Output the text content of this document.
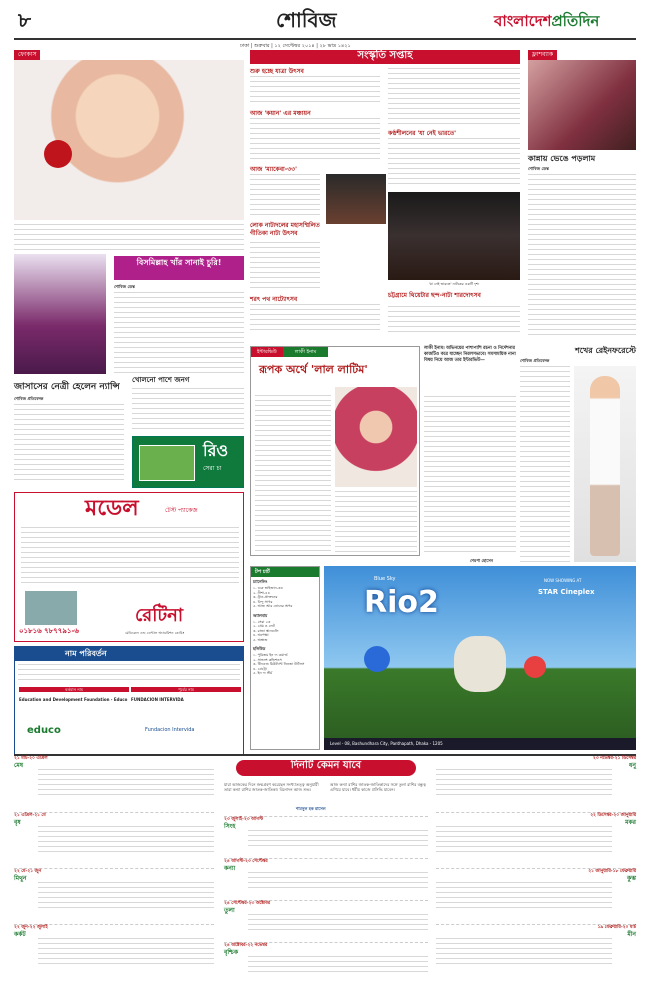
৮	শোবিজ	বাংলাদেশপ্রতিদিন
ঢাকা | শুক্রবার | ১২ সেপ্টেম্বর ২০১৪ | ২৮ ভাদ্র ১৪২১
ফোকাস
বিসমিল্লাহ খাঁর সানাই চুরি!
শোবিজ ডেস্ক
জাসাসের নেত্রী হেলেন ন্যান্সি
শোবিজ প্রতিবেদক
খোলনো পাশে জনগ
রিও
সেরা চা
মডেল	টেস্ট প্যাকেজ
০১৮১৬ ৭৮৭৭৯১-৬
রেটিনা
মেডিকেল এন্ড ডেন্টাল অ্যাডমিশন কোচিং
নাম পরিবর্তন
বর্তমান নাম	পূর্বের নাম
Education and Development Foundation - Educo FUNDACION INTERVIDA
educo	Fundacion Intervida
সংস্কৃতি সপ্তাহ
শুরু হচ্ছে যাত্রা উৎসব
আজ 'কয়ান' এর মঞ্চায়ন
আজ 'ম্যাকেবা-৩৩'
লোক নাট্যদলের মহাসম্মিলিত গীতিকা নাট্য উৎসব
শরৎ পথ নাট্যোৎসব
কণ্ঠশীলনের 'যা নেই ভারতে'
'যা নেই ভারতে' নাটকের একটি দৃশ্য
চট্টগ্রামে থিয়েটার ছন্দ-নাট্য শারদোৎসব
ফ্লাশব্যাক
কান্নায় ভেঙে পড়লাম
শোবিজ ডেস্ক
ইন্টারভিউ	লাকী ইনাম
রূপক অর্থে 'লাল লাটিম'
লাকী ইনাম। অভিনয়ের পাশাপাশি রচনা ও নির্দেশনার কাজটিও করে যাচ্ছেন নিরলসভাবে। সমসাময়িক নানা বিষয় নিয়ে আজ তার ইন্টারভিউ—
শেরপা হোসেন
শখের রেইনফরেস্টে
শোবিজ প্রতিবেদক
টপ চার্ট
চ্যানেলিং
১. গুরু ভাইজান-৩৩
২. নীশা-৪৪
৩. ট্রান-প্রাক্তনের
৪. বিন্দু সাগর
৫. আজ আর নোনের অপর
অ্যালবাম
১. সেরা ২৩
২. প্রেম ও লেট
৩. রাজা স্থানগুলি
৪. অপেক্ষা
৫. অশ্রুজ
হলিউড
১. পুরিজম ইন দ্য ওয়ার্ল্ড
২. সাভ্যন্স কন্ডিশনস
৩. টিনএজ মিউট্যান্ট নিনজা টার্টলস
৪. গ্রেট্রো
৫. ইন দ্য স্টর্ম
Blue Sky
Rio2
NOW SHOWING AT
STAR Cineplex
Level - 08, Bashundhara City, Panthapath, Dhaka - 1205
দিনটি কেমন যাবে
যারা আজকের দিনে জন্মগ্রহণ করেছেন সংখ্যাতত্ত্ব অনুযায়ী তারা কন্যা রাশির জাতক-জাতিকা। বিনোদন আজ শুভ।
আজ কন্যা রাশির জাতক-জাতিকাদের সঙ্গে তুলা রাশির বন্ধুত্ব এগিয়ে যাবে। ধর্মীয় কাজে প্রসিদ্ধি যাবেন।
শামসুল হক রাসেল
২১ মার্চ-২০ এপ্রিল
মেষ
২১ এপ্রিল-২১ মে
বৃষ
২২ মে-২১ জুন
মিথুন
২২ জুন-২২ জুলাই
কর্কট
২৩ জুলাই-২৩ আগস্ট
সিংহ
২৪ আগস্ট-২৩ সেপ্টেম্বর
কন্যা
২৪ সেপ্টেম্বর-২৩ অক্টোবর
তুলা
২৪ অক্টোবর-২২ নভেম্বর
বৃশ্চিক
২৩ নভেম্বর-২১ ডিসেম্বর
ধনু
২২ ডিসেম্বর-২০ জানুয়ারি
মকর
২১ জানুয়ারি-১৮ ফেব্রুয়ারি
কুম্ভ
১৯ ফেব্রুয়ারি-২০ মার্চ
মীন
